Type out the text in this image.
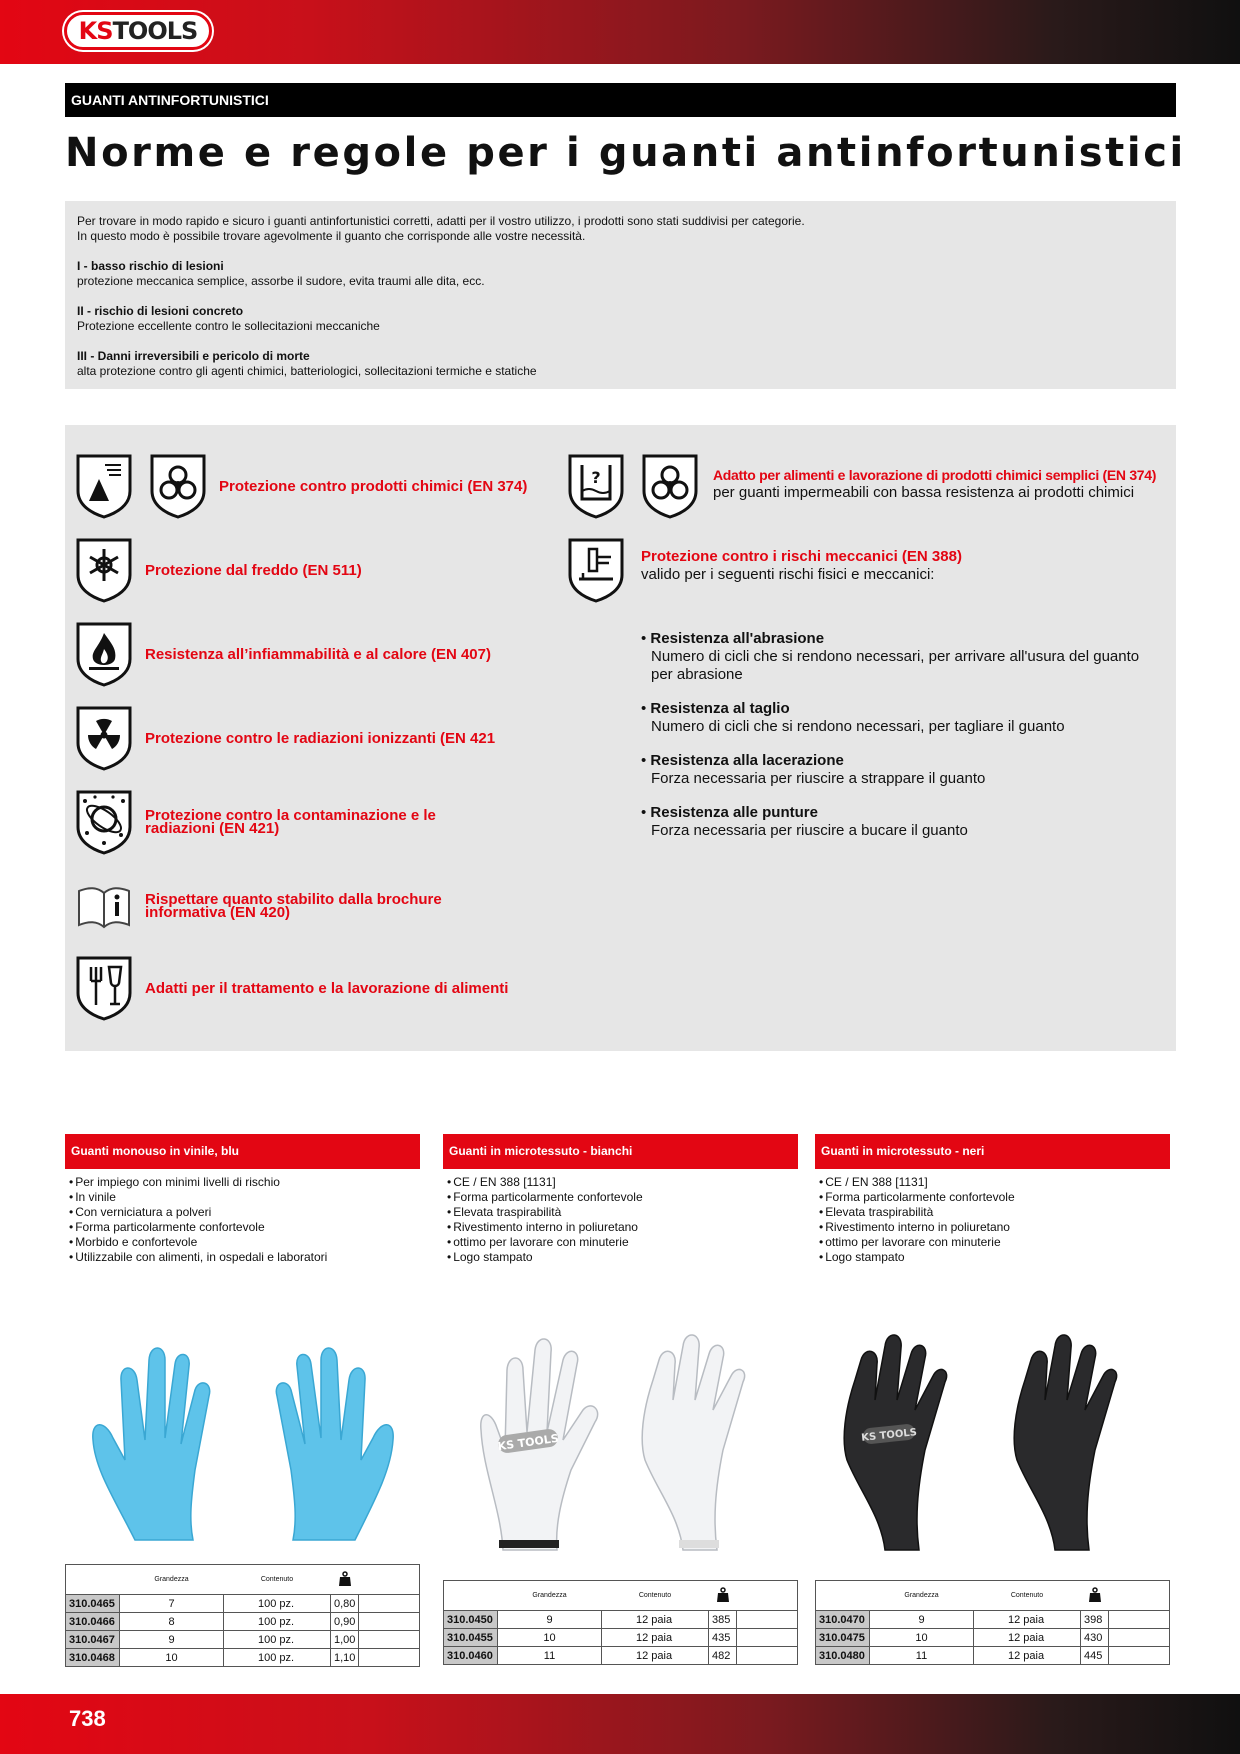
KSTOOLS
GUANTI ANTINFORTUNISTICI
Norme e regole per i guanti antinfortunistici

Per trovare in modo rapido e sicuro i guanti antinfortunistici corretti, adatti per il vostro utilizzo, i prodotti sono stati suddivisi per categorie.
In questo modo è possibile trovare agevolmente il guanto che corrisponde alle vostre necessità.

I - basso rischio di lesioni
protezione meccanica semplice, assorbe il sudore, evita traumi alle dita, ecc.

II - rischio di lesioni concreto
Protezione eccellente contro le sollecitazioni meccaniche

III - Danni irreversibili e pericolo di morte
alta protezione contro gli agenti chimici, batteriologici, sollecitazioni termiche e statiche

Protezione contro prodotti chimici (EN 374)
Protezione dal freddo (EN 511)
Resistenza all’infiammabilità e al calore (EN 407)
Protezione contro le radiazioni ionizzanti (EN 421
Protezione contro la contaminazione e le radiazioni (EN 421)
Rispettare quanto stabilito dalla brochure informativa (EN 420)
Adatti per il trattamento e la lavorazione di alimenti
?	Adatto per alimenti e lavorazione di prodotti chimici semplici (EN 374)
per guanti impermeabili con bassa resistenza ai prodotti chimici
Protezione contro i rischi meccanici (EN 388)
valido per i seguenti rischi fisici e meccanici:
• Resistenza all'abrasione
Numero di cicli che si rendono necessari, per arrivare all'usura del guanto per abrasione
• Resistenza al taglio
Numero di cicli che si rendono necessari, per tagliare il guanto
• Resistenza alla lacerazione
Forza necessaria per riuscire a strappare il guanto
• Resistenza alle punture
Forza necessaria per riuscire a bucare il guanto
Guanti monouso in vinile, blu
• Per impiego con minimi livelli di rischio
• In vinile
• Con verniciatura a polveri
• Forma particolarmente confortevole
• Morbido e confortevole
• Utilizzabile con alimenti, in ospedali e laboratori
	Grandezza	Contenuto		
310.0465	7	100 pz.	0,80	
310.0466	8	100 pz.	0,90	
310.0467	9	100 pz.	1,00	
310.0468	10	100 pz.	1,10	
Guanti in microtessuto - bianchi
• CE / EN 388 [1131]
• Forma particolarmente confortevole
• Elevata traspirabilità
• Rivestimento interno in poliuretano
• ottimo per lavorare con minuterie
• Logo stampato
KS TOOLS
	Grandezza	Contenuto		
310.0450	9	12 paia	385	
310.0455	10	12 paia	435	
310.0460	11	12 paia	482	
Guanti in microtessuto - neri
• CE / EN 388 [1131]
• Forma particolarmente confortevole
• Elevata traspirabilità
• Rivestimento interno in poliuretano
• ottimo per lavorare con minuterie
• Logo stampato
KS TOOLS
	Grandezza	Contenuto		
310.0470	9	12 paia	398	
310.0475	10	12 paia	430	
310.0480	11	12 paia	445	
738
